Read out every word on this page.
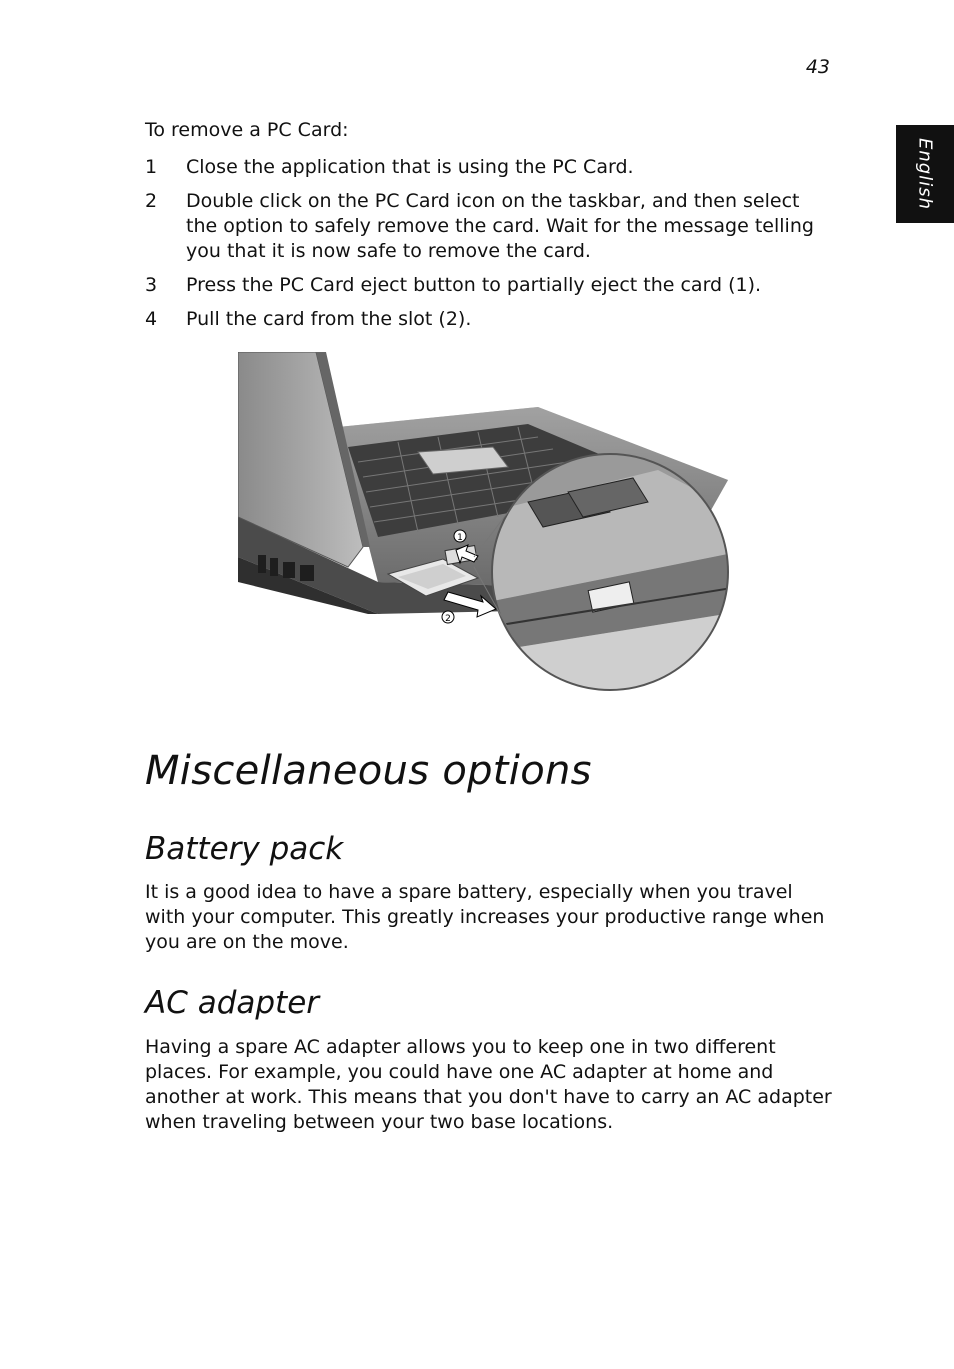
43
English
To remove a PC Card:
1	Close the application that is using the PC Card.
2	Double click on the PC Card icon on the taskbar, and then select the option to safely remove the card. Wait for the message telling you that it is now safe to remove the card.
3	Press the PC Card eject button to partially eject the card (1).
4	Pull the card from the slot (2).
1
2
Miscellaneous options
Battery pack
It is a good idea to have a spare battery, especially when you travel with your computer. This greatly increases your productive range when you are on the move.
AC adapter
Having a spare AC adapter allows you to keep one in two different places. For example, you could have one AC adapter at home and another at work. This means that you don't have to carry an AC adapter when traveling between your two base locations.
